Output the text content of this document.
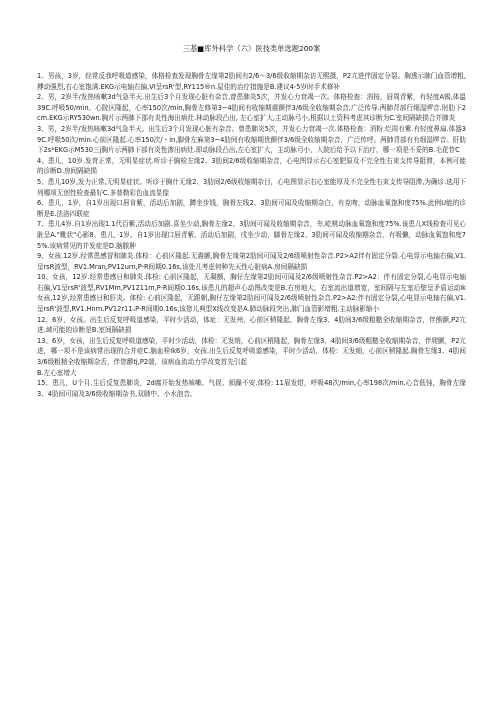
三基■库外科学（六）医技类单选题200䅁

1、男孩，3岁，经常反我呼吸道感染，体格检查发现胸骨左缘第2肋间有2/6～3/6级收缩期杂访无熙摄，P2亢进伴固定分裂。胸透示肺门血管增粗,搏动强烈,右心室饱满.EKG示电轴右偏,VI呈rsR'型,RY115®n.屋佳的治疗措施是B.建议4-5岁时手术修补

2、男，2岁半/发热咳嗽3d气急半天.出生后3个月发现心脏有杂音,曾患肺炎5次，并发心力衰竭一次。体格检查：消按，唇周青紫，有轻度A锡,体温39C.呼吸50/min。心院区隆起，心率150次/min,胸骨左修第3~4肋间有收缩期震颤伴3/6级全收缩期杂音,广泛传导.两肺背部行细湿啰音.肘肋下2cm.EKG示RY530wn.胸片示两肺下部有炎性海出病灶.林动脉段凸出, 左心室扩大,主动脉弓小,根据以上资科考虑其诊断为C.室间隔缺损合并肺炎

3、男，2岁半/发热咳嗽3d气急半天。出生后3个月发现心脏有杂音。曾患肺炎5次，并发心力衰竭一次.体格检查：消粉.烂周有紫.有轻度鼻扇.体器39C.呼吸50次/min.心前区隆起.心率150次/・in,脚骨左麻第3~4肋间有收缩期优颤伴3/6级全收缩期杂音，广泛传呼。两肺背部有有细湿啰音。肝肋下2s*EKG示M530三j胸片示两肺下部有炎性渗出病灶.即动脉段凸出,左心室扩大，主动脉弓小，入院后给予以下治疗，哪一项是不妥的B.毛花苷C

4、患儿，10岁.发育正常，无明显症状.听诊于胸检左缘2、3肋间2/6级收缩期杂音，心电图显示右心室肥原及不完全性右束支传导阻滞，本例可能的诊断D.房间隔缺损

5、患儿10岁,发力正常,无明显症状。听诊于胸什无缘2、3肋间2/6级收缩期杂目，心电图显示右心室能厚及不完全性右束支传导阻滞,为确诊.选用下列哪项无创性检查最好C.多普勒彩色血流显像

6、患儿，1岁，自1岁出现口唇肯紫，活动后加剧，蹲坐步钱，胸骨左线2、3肋间可闻及收缩期杂白，有克吻，动脉血氧饱和度75%.此例U能的诊断是E.法洛四联症

7、患儿4岁.自1岁出现1.1代百紫,活动后加剧.喜坐少动,胸骨左缘2、3肋间可闻及收缩期杂音，夯,屹桃动脉血氧饱和度75%.该患儿X线检查可见心脏呈A."靴状"心影8、患儿，·1岁。自1岁出现口唇青紫，活动后加剧，戌坐少动，脚骨左缘2、3肋间可闻及收缩期杂音，有吸懒，动脉血氧饱和度75%.该病常见的并发症是D.脑脓肿

9、女孩.12岁.经常患感冒和肺炎.体检：心前区隆起.无震颤,胸骨左缘第2肋间可闻及2/6级喷射性杂音.P2>A2伴有固定分裂.心电显示电轴右偏,V1.呈rsR波型，RV1.Mran,PV12urn,P-R间期0.16s,该处儿考虑何种先天性心脏病A.房间隔缺损

10、女孩，12岁.经常患感日和肺炎.体检: 心前区隆起，无凝额，胸仔左缘第2肋间可闻及2/6级喷射性杂音.P2>A2：伴有固定分裂,心电显示电轴右偏,V1呈rsR'波型,RV1Mm,PV1211m,P-R间期0.16s,该患儿的超声心动图改变是B.右房地大，右室流出道增宽，室间隔与左室后壁呈矛盾运动Ik女孩,12岁,经常患感日和肝炎。体检: 心前区隆起，无跟朝,胸仔左缘第2肋间可闻及2/6级喷射性杂音.P2>A2:伴有固定分裂,心电显示电轴右偏,V1.呈rsR'波型,RV1.Hnrn.PV12r11ᵤP-R间期0.16s,该您儿典型X线改变是A.肺动脉段突出,肺门血管影增粗.主动脉影缩小

12、6岁，女孩。出生后反复呼吸道感染，平时少活动，体址：无发州，心前区稍隆起，胸骨左缘3、4肋间3/6级粗糙全收缩期杂音，伴熊颤,P2亢进.域可能的诊断是B.室间隔缺损

13、6岁，女孩，出生后反复呼吸道感染，平时少活动，体检：无发绡，心前区稍隆起，胸骨左缘3、4肋间3/6级粗糙全收缩期杂音，伴爬颤，P2亢进，哪一项不是该病常出现的合并症C.脑血栓Ik6岁，女孩.出生后反复呼吸道感染，平时少活动，体检：无发细，心前区稍隆起.胸骨左缘3、4肋间3/6级粗精全收缩期杂舌，伴您颤tj,P2端，该病血流动力学改变首先引起

B.左心室增大

15、患儿，U个月.生后反复患肺炎，2d腐开始发热咳嗽、气促、烦躁不安.体检: 11眉发绀，呼吸48次/min,心率198次/min,心音低钝，胸骨左缘3、4肋间可闻及3/6级收缩期杂书,双肺中、小水泡音,
